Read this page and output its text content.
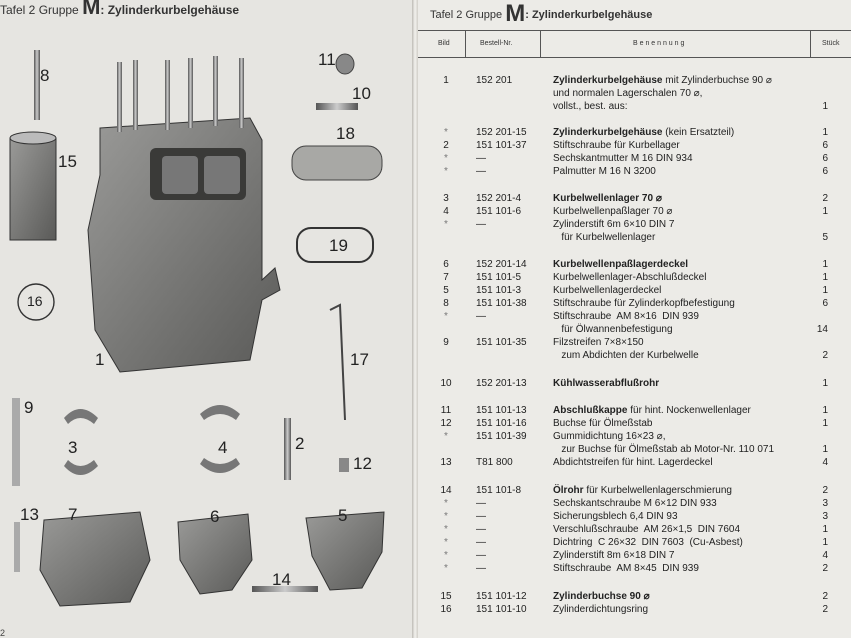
Tafel 2 Gruppe M: Zylinderkurbelgehäuse
8
11
10
18
15
19
16
1	17
9
3	4	2
12
13 7	6	5
14
2
Tafel 2 Gruppe M: Zylinderkurbelgehäuse
Bild	Bestell-Nr.	B e n e n n u n g	Stück
1	152 201	Zylinderkurbelgehäuse mit Zylinderbuchse 90 ⌀
und normalen Lagerschalen 70 ⌀,
vollst., best. aus:	1
*	152 201-15	Zylinderkurbelgehäuse (kein Ersatzteil)	1
2	151 101-37	Stiftschraube für Kurbellager	6
*	—	Sechskantmutter M 16 DIN 934	6
*	—	Palmutter M 16 N 3200	6
3	152 201-4	Kurbelwellenlager 70 ⌀	2
4	151 101-6	Kurbelwellenpaßlager 70 ⌀	1
*	—	Zylinderstift 6m 6×10 DIN 7
für Kurbelwellenlager	5
6	152 201-14	Kurbelwellenpaßlagerdeckel	1
7	151 101-5	Kurbelwellenlager-Abschlußdeckel	1
5	151 101-3	Kurbelwellenlagerdeckel	1
8	151 101-38	Stiftschraube für Zylinderkopfbefestigung	6
*	—	Stiftschraube  AM 8×16  DIN 939
für Ölwannenbefestigung	14
9	151 101-35	Filzstreifen 7×8×150
zum Abdichten der Kurbelwelle	2
10	152 201-13	Kühlwasserabflußrohr	1
11	151 101-13	Abschlußkappe für hint. Nockenwellenlager	1
12	151 101-16	Buchse für Ölmeßstab	1
*	151 101-39	Gummidichtung 16×23 ⌀,
zur Buchse für Ölmeßstab ab Motor-Nr. 110 071	1
13	T81 800	Abdichtstreifen für hint. Lagerdeckel	4
14	151 101-8	Ölrohr für Kurbelwellenlagerschmierung	2
*	—	Sechskantschraube M 6×12 DIN 933	3
*	—	Sicherungsblech 6,4 DIN 93	3
*	—	Verschlußschraube  AM 26×1,5  DIN 7604	1
*	—	Dichtring  C 26×32  DIN 7603  (Cu-Asbest)	1
*	—	Zylinderstift 8m 6×18 DIN 7	4
*	—	Stiftschraube  AM 8×45  DIN 939	2
15	151 101-12	Zylinderbuchse 90 ⌀	2
16	151 101-10	Zylinderdichtungsring	2
